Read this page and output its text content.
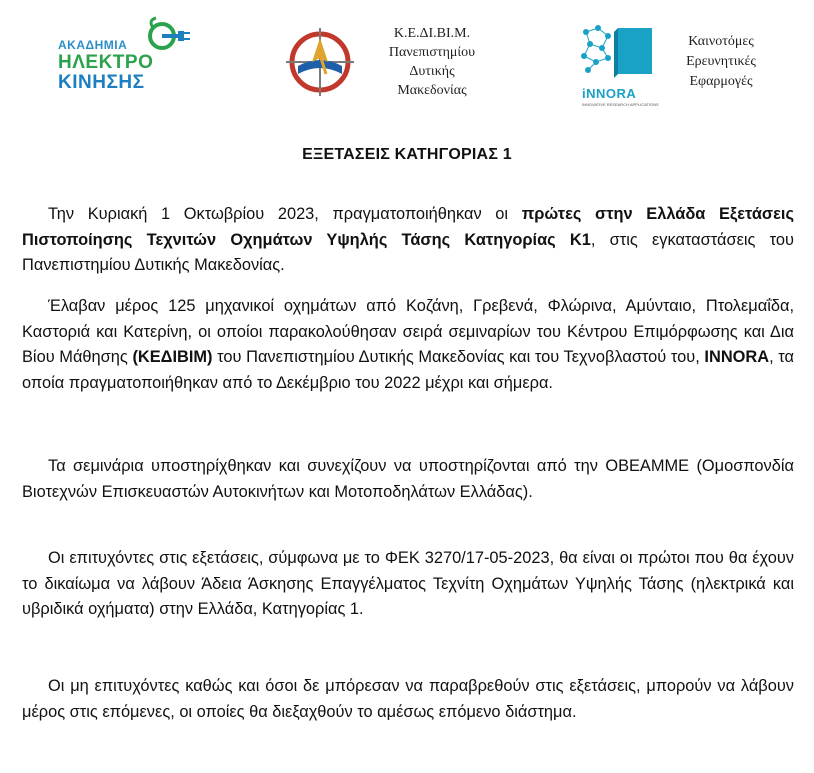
ΑΚΑΔΗΜΙΑ
ΗΛΕΚΤΡΟ
ΚΙΝΗΣΗΣ
Κ.Ε.ΔΙ.ΒΙ.Μ.
Πανεπιστημίου
Δυτικής
Μακεδονίας	iNNORA
INNOVATIVE RESEARCH APPLICATIONS
Καινοτόμες
Ερευνητικές
Εφαρμογές
ΕΞΕΤΑΣΕΙΣ ΚΑΤΗΓΟΡΙΑΣ 1
Την Κυριακή 1 Οκτωβρίου 2023, πραγματοποιήθηκαν οι πρώτες στην Ελλάδα Εξετάσεις Πιστοποίησης Τεχνιτών Οχημάτων Υψηλής Τάσης Κατηγορίας Κ1, στις εγκαταστάσεις του Πανεπιστημίου Δυτικής Μακεδονίας.
Έλαβαν μέρος 125 μηχανικοί οχημάτων από Κοζάνη, Γρεβενά, Φλώρινα, Αμύνταιο, Πτολεμαΐδα, Καστοριά και Κατερίνη, οι οποίοι παρακολούθησαν σειρά σεμιναρίων του Κέντρου Επιμόρφωσης και Δια Βίου Μάθησης (ΚΕΔΙΒΙΜ) του Πανεπιστημίου Δυτικής Μακεδονίας και του Τεχνοβλαστού του, INNORA, τα οποία πραγματοποιήθηκαν από το Δεκέμβριο του 2022 μέχρι και σήμερα.
Τα σεμινάρια υποστηρίχθηκαν και συνεχίζουν να υποστηρίζονται από την ΟΒΕΑΜΜΕ (Ομοσπονδία Βιοτεχνών Επισκευαστών Αυτοκινήτων και Μοτοποδηλάτων Ελλάδας).
Οι επιτυχόντες στις εξετάσεις, σύμφωνα με το ΦΕΚ 3270/17-05-2023, θα είναι οι πρώτοι που θα έχουν το δικαίωμα να λάβουν Άδεια Άσκησης Επαγγέλματος Τεχνίτη Οχημάτων Υψηλής Τάσης (ηλεκτρικά και υβριδικά οχήματα) στην Ελλάδα, Κατηγορίας 1.
Οι μη επιτυχόντες καθώς και όσοι δε μπόρεσαν να παραβρεθούν στις εξετάσεις, μπορούν να λάβουν μέρος στις επόμενες, οι οποίες θα διεξαχθούν το αμέσως επόμενο διάστημα.
